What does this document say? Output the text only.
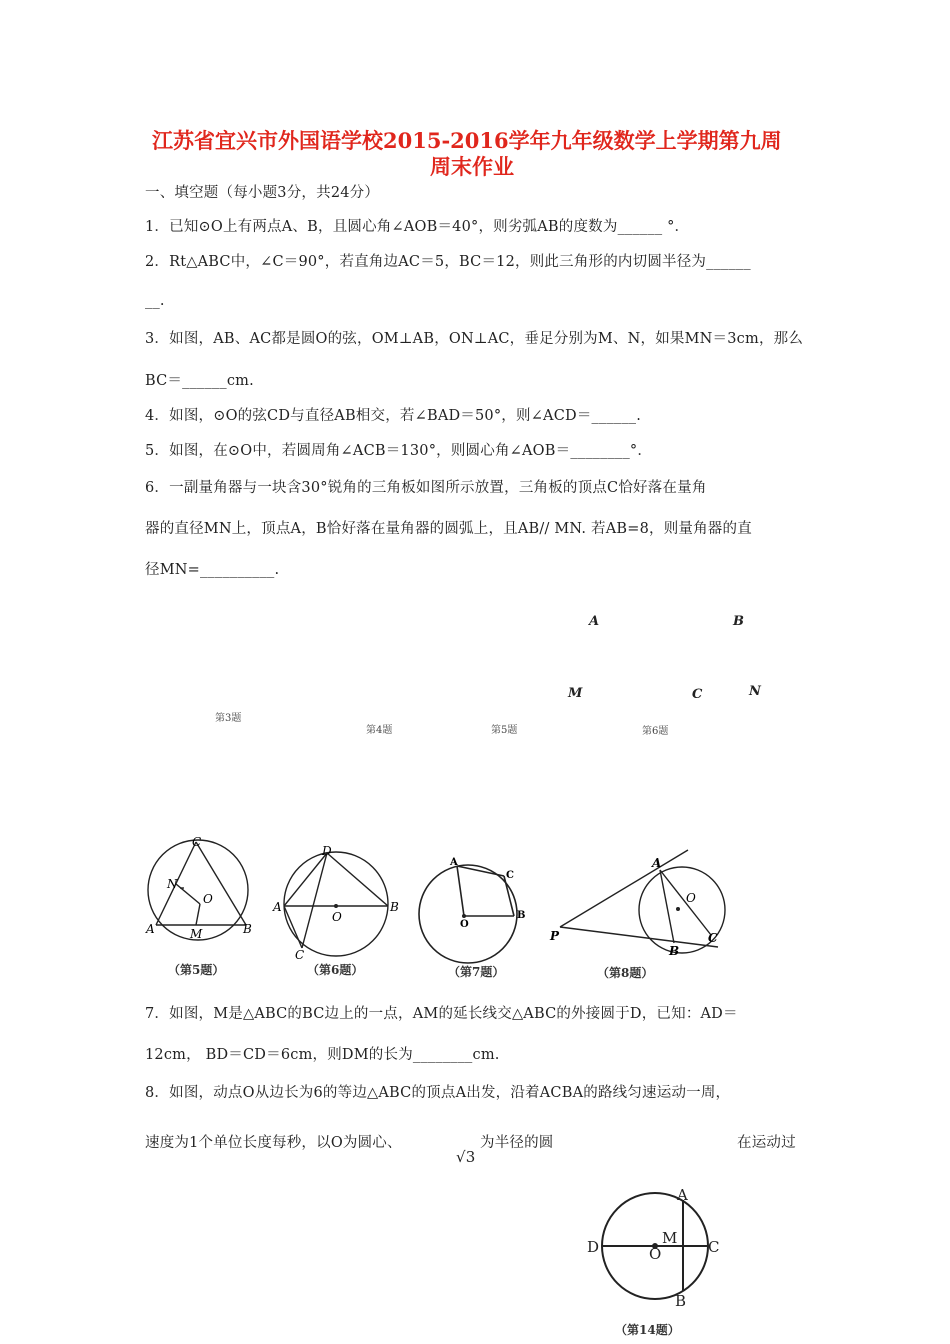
江苏省宜兴市外国语学校2015-2016学年九年级数学上学期第九周
周末作业
一、填空题（每小题3分，共24分）
1．已知⊙O上有两点A、B，且圆心角∠AOB＝40°，则劣弧AB的度数为______ °．
2．Rt△ABC中，∠C＝90°，若直角边AC＝5，BC＝12，则此三角形的内切圆半径为______
__.
3．如图，AB、AC都是圆O的弦，OM⊥AB，ON⊥AC，垂足分别为M、N，如果MN＝3cm，那么
BC＝______cm.
4．如图，⊙O的弦CD与直径AB相交，若∠BAD＝50°，则∠ACD＝______.
5．如图，在⊙O中，若圆周角∠ACB＝130°，则圆心角∠AOB＝________°．
6．一副量角器与一块含30°锐角的三角板如图所示放置，三角板的顶点C恰好落在量角
器的直径MN上，顶点A，B恰好落在量角器的圆弧上，且AB// MN. 若AB=8，则量角器的直
径MN=__________.
A	B
M	C	N
第3题
第4题	第5题	第6题
C
N
O
A	M	B
D
A
O
B
C
A
C
O
B
A
O
P
B
C
（第5题）	（第6题）	（第7题）	（第8题）
7．如图，M是△ABC的BC边上的一点，AM的延长线交△ABC的外接圆于D，已知：AD＝
12cm， BD＝CD＝6cm，则DM的长为________cm.
8．如图，动点O从边长为6的等边△ABC的顶点A出发，沿着ACBA的路线匀速运动一周，
速度为1个单位长度每秒，以O为圆心、
√3
为半径的圆	在运动过
A
M
D	O	C
B
（第14题）
